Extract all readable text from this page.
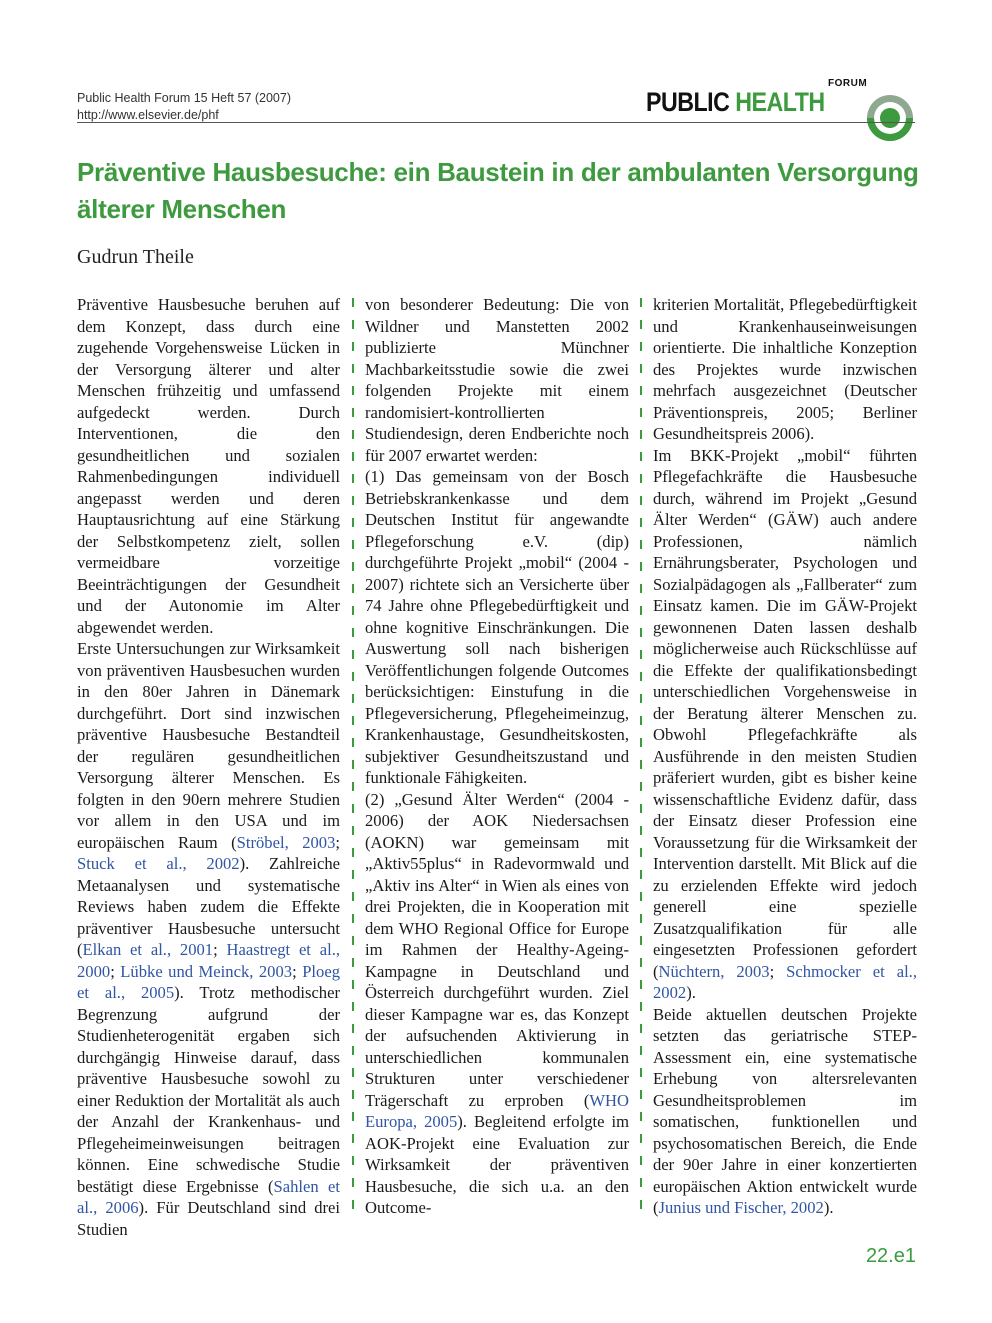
Public Health Forum 15 Heft 57 (2007)
http://www.elsevier.de/phf
FORUM
PUBLIC HEALTH
Präventive Hausbesuche: ein Baustein in der ambulanten Versorgung älterer Menschen
Gudrun Theile

Präventive Hausbesuche beruhen auf dem Konzept, dass durch eine zugehende Vorgehensweise Lücken in der Versorgung älterer und alter Menschen frühzeitig und umfassend aufgedeckt werden. Durch Interventionen, die den gesundheitlichen und sozialen Rahmenbedingungen individuell angepasst werden und deren Hauptausrichtung auf eine Stärkung der Selbstkompetenz zielt, sollen vermeidbare vorzeitige Beeinträchtigungen der Gesundheit und der Autonomie im Alter abgewendet werden.

Erste Untersuchungen zur Wirksamkeit von präventiven Hausbesuchen wurden in den 80er Jahren in Dänemark durchgeführt. Dort sind inzwischen präventive Hausbesuche Bestandteil der regulären gesundheitlichen Versorgung älterer Menschen. Es folgten in den 90ern mehrere Studien vor allem in den USA und im europäischen Raum (Ströbel, 2003; Stuck et al., 2002). Zahlreiche Metaanalysen und systematische Reviews haben zudem die Effekte präventiver Hausbesuche untersucht (Elkan et al., 2001; Haastregt et al., 2000; Lübke und Meinck, 2003; Ploeg et al., 2005). Trotz methodischer Begrenzung aufgrund der Studienheterogenität ergaben sich durchgängig Hinweise darauf, dass präventive Hausbesuche sowohl zu einer Reduktion der Mortalität als auch der Anzahl der Krankenhaus- und Pflegeheimeinweisungen beitragen können. Eine schwedische Studie bestätigt diese Ergebnisse (Sahlen et al., 2006). Für Deutschland sind drei Studien

von besonderer Bedeutung: Die von Wildner und Manstetten 2002 publizierte Münchner Machbarkeitsstudie sowie die zwei folgenden Projekte mit einem randomisiert-kontrollierten Studiendesign, deren Endberichte noch für 2007 erwartet werden:

(1) Das gemeinsam von der Bosch Betriebskrankenkasse und dem Deutschen Institut für angewandte Pflegeforschung e.V. (dip) durchgeführte Projekt „mobil“ (2004 - 2007) richtete sich an Versicherte über 74 Jahre ohne Pflegebedürftigkeit und ohne kognitive Einschränkungen. Die Auswertung soll nach bisherigen Veröffentlichungen folgende Outcomes berücksichtigen: Einstufung in die Pflegeversicherung, Pflegeheimeinzug, Krankenhaustage, Gesundheitskosten, subjektiver Gesundheitszustand und funktionale Fähigkeiten.

(2) „Gesund Älter Werden“ (2004 - 2006) der AOK Niedersachsen (AOKN) war gemeinsam mit „Aktiv55plus“ in Radevormwald und „Aktiv ins Alter“ in Wien als eines von drei Projekten, die in Kooperation mit dem WHO Regional Office for Europe im Rahmen der Healthy-Ageing-Kampagne in Deutschland und Österreich durchgeführt wurden. Ziel dieser Kampagne war es, das Konzept der aufsuchenden Aktivierung in unterschiedlichen kommunalen Strukturen unter verschiedener Trägerschaft zu erproben (WHO Europa, 2005). Begleitend erfolgte im AOK-Projekt eine Evaluation zur Wirksamkeit der präventiven Hausbesuche, die sich u.a. an den Outcome-

kriterien Mortalität, Pflegebedürftigkeit und Krankenhauseinweisungen orientierte. Die inhaltliche Konzeption des Projektes wurde inzwischen mehrfach ausgezeichnet (Deutscher Präventionspreis, 2005; Berliner Gesundheitspreis 2006).

Im BKK-Projekt „mobil“ führten Pflegefachkräfte die Hausbesuche durch, während im Projekt „Gesund Älter Werden“ (GÄW) auch andere Professionen, nämlich Ernährungsberater, Psychologen und Sozialpädagogen als „Fallberater“ zum Einsatz kamen. Die im GÄW-Projekt gewonnenen Daten lassen deshalb möglicherweise auch Rückschlüsse auf die Effekte der qualifikationsbedingt unterschiedlichen Vorgehensweise in der Beratung älterer Menschen zu. Obwohl Pflegefachkräfte als Ausführende in den meisten Studien präferiert wurden, gibt es bisher keine wissenschaftliche Evidenz dafür, dass der Einsatz dieser Profession eine Voraussetzung für die Wirksamkeit der Intervention darstellt. Mit Blick auf die zu erzielenden Effekte wird jedoch generell eine spezielle Zusatzqualifikation für alle eingesetzten Professionen gefordert (Nüchtern, 2003; Schmocker et al., 2002).

Beide aktuellen deutschen Projekte setzten das geriatrische STEP-Assessment ein, eine systematische Erhebung von altersrelevanten Gesundheitsproblemen im somatischen, funktionellen und psychosomatischen Bereich, die Ende der 90er Jahre in einer konzertierten europäischen Aktion entwickelt wurde (Junius und Fischer, 2002).

22.e1
